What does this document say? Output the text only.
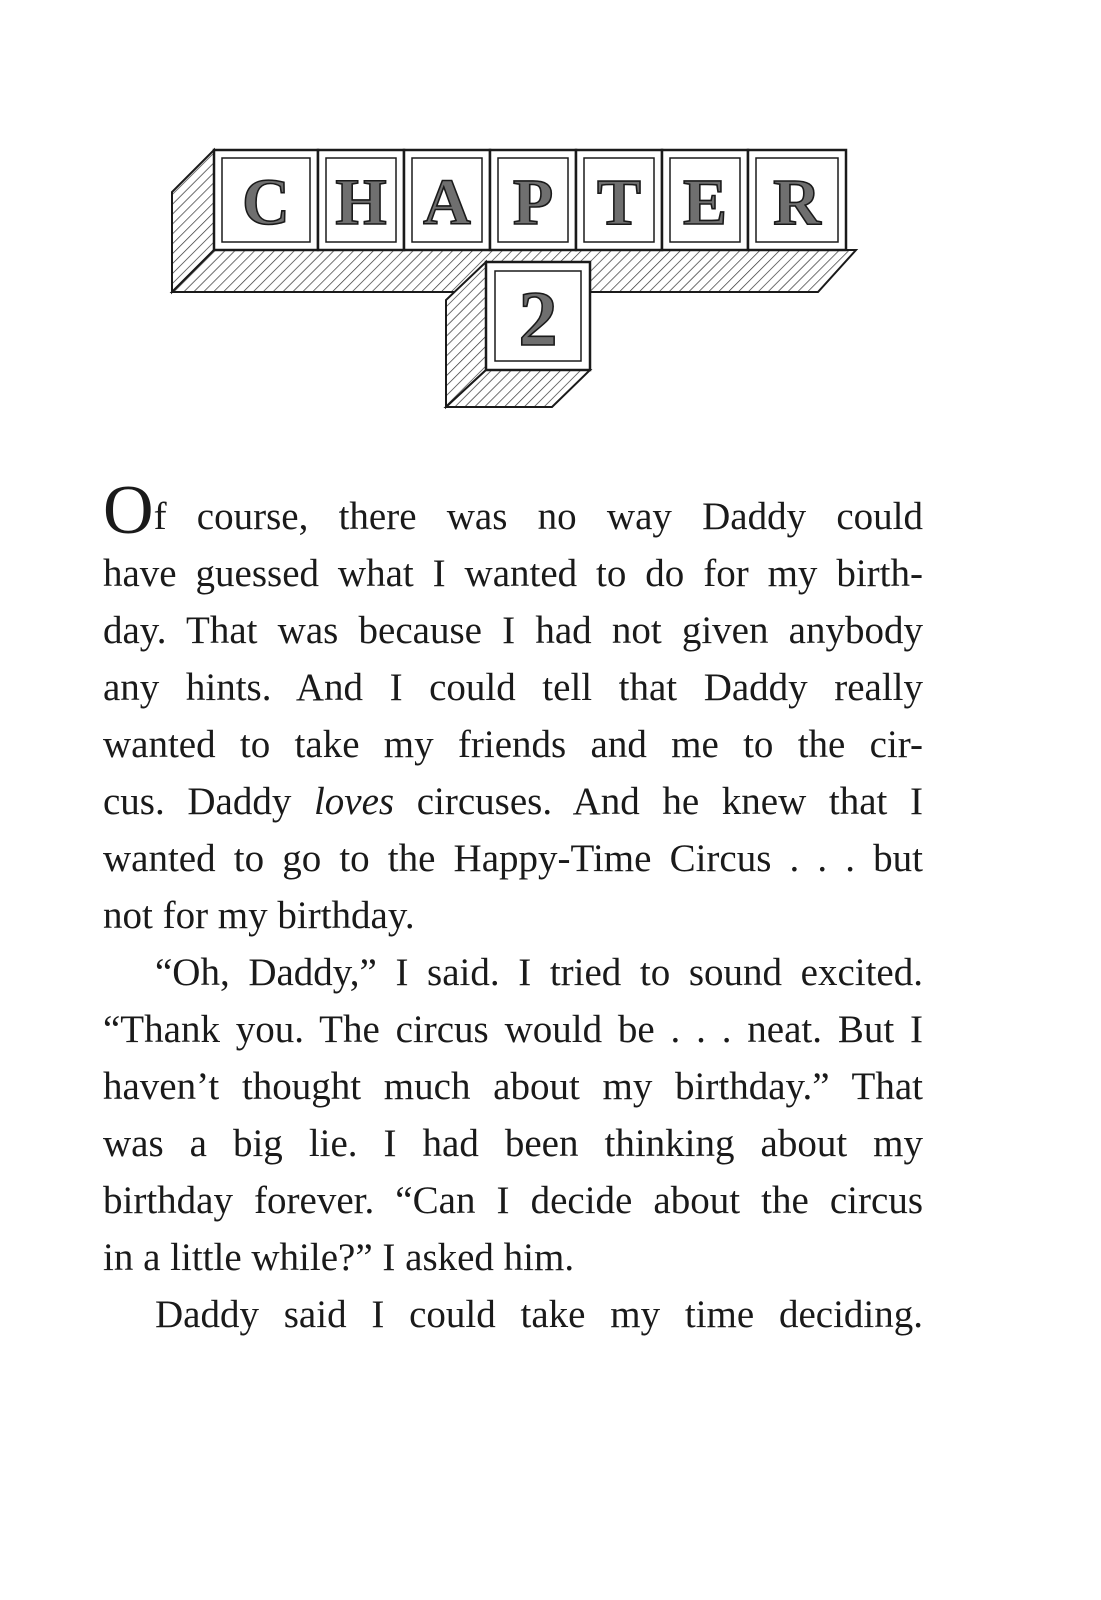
C H A P T E R
2
Of course, there was no way Daddy could
have guessed what I wanted to do for my birth-
day. That was because I had not given anybody
any hints. And I could tell that Daddy really
wanted to take my friends and me to the cir-
cus. Daddy loves circuses. And he knew that I
wanted to go to the Happy-Time Circus . . . but
not for my birthday.
“Oh, Daddy,” I said. I tried to sound excited.
“Thank you. The circus would be . . . neat. But I
haven’t thought much about my birthday.” That
was a big lie. I had been thinking about my
birthday forever. “Can I decide about the circus
in a little while?” I asked him.
Daddy said I could take my time deciding.
